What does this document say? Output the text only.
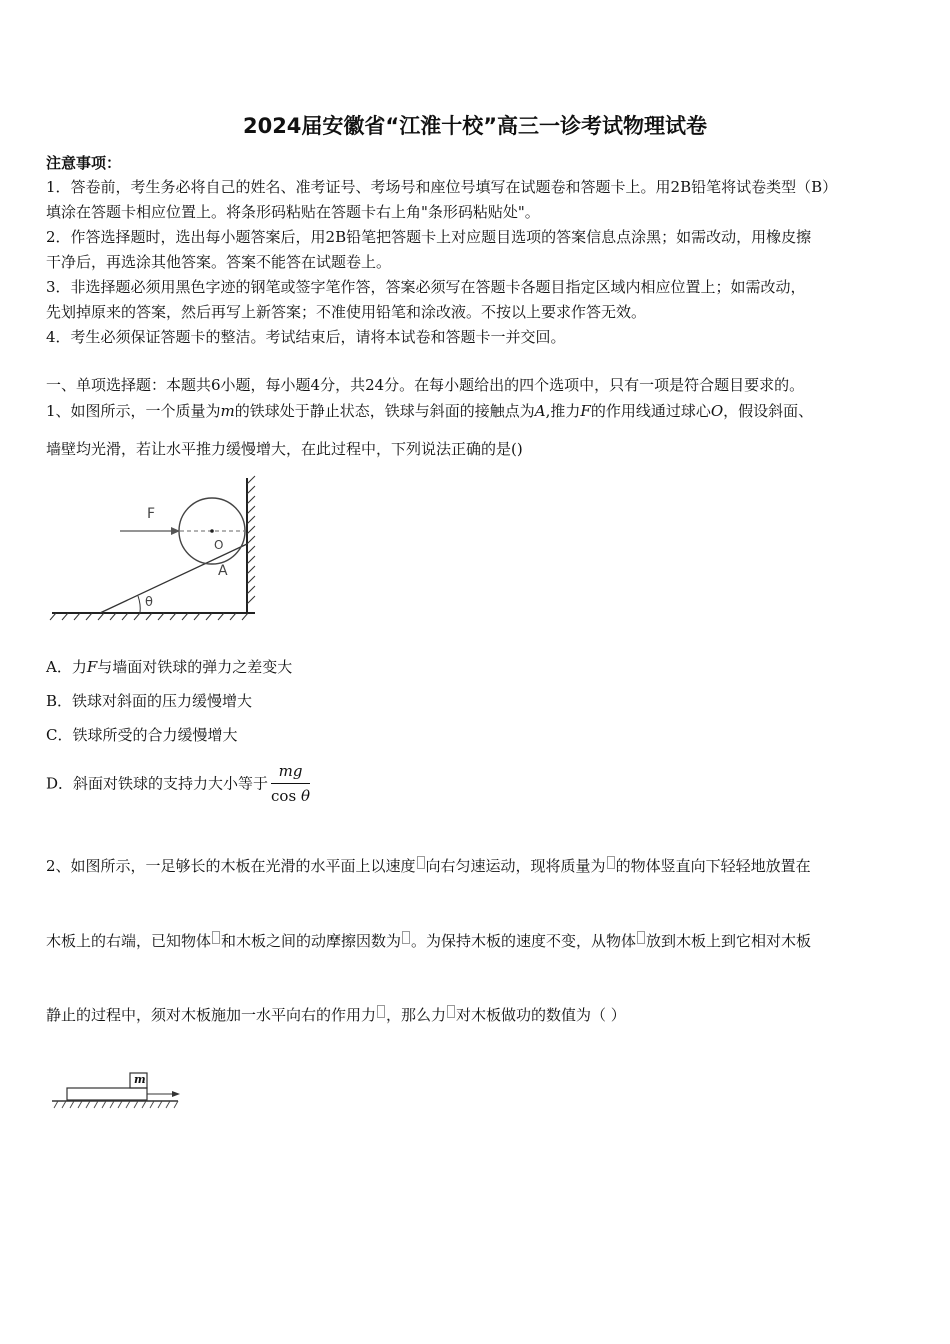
2024届安徽省“江淮十校”高三一诊考试物理试卷
注意事项：
1．答卷前，考生务必将自己的姓名、准考证号、考场号和座位号填写在试题卷和答题卡上。用2B铅笔将试卷类型（B）
填涂在答题卡相应位置上。将条形码粘贴在答题卡右上角"条形码粘贴处"。
2．作答选择题时，选出每小题答案后，用2B铅笔把答题卡上对应题目选项的答案信息点涂黑；如需改动，用橡皮擦
干净后，再选涂其他答案。答案不能答在试题卷上。
3．非选择题必须用黑色字迹的钢笔或签字笔作答，答案必须写在答题卡各题目指定区域内相应位置上；如需改动，
先划掉原来的答案，然后再写上新答案；不准使用铅笔和涂改液。不按以上要求作答无效。
4．考生必须保证答题卡的整洁。考试结束后，请将本试卷和答题卡一并交回。
一、单项选择题：本题共6小题，每小题4分，共24分。在每小题给出的四个选项中，只有一项是符合题目要求的。
1、如图所示，一个质量为m的铁球处于静止状态，铁球与斜面的接触点为A,推力F的作用线通过球心O，假设斜面、
墙壁均光滑，若让水平推力缓慢增大，在此过程中，下列说法正确的是()
F
O
A
θ
A．力F与墙面对铁球的弹力之差变大
B．铁球对斜面的压力缓慢增大
C．铁球所受的合力缓慢增大
D．斜面对铁球的支持力大小等于 $\frac{mg}{\text{cos θ}}$
2、如图所示，一足够长的木板在光滑的水平面上以速度 向右匀速运动，现将质量为 的物体竖直向下轻轻地放置在
木板上的右端，已知物体 和木板之间的动摩擦因数为 。为保持木板的速度不变，从物体 放到木板上到它相对木板
静止的过程中，须对木板施加一水平向右的作用力 ，那么力 对木板做功的数值为（ ）
m
